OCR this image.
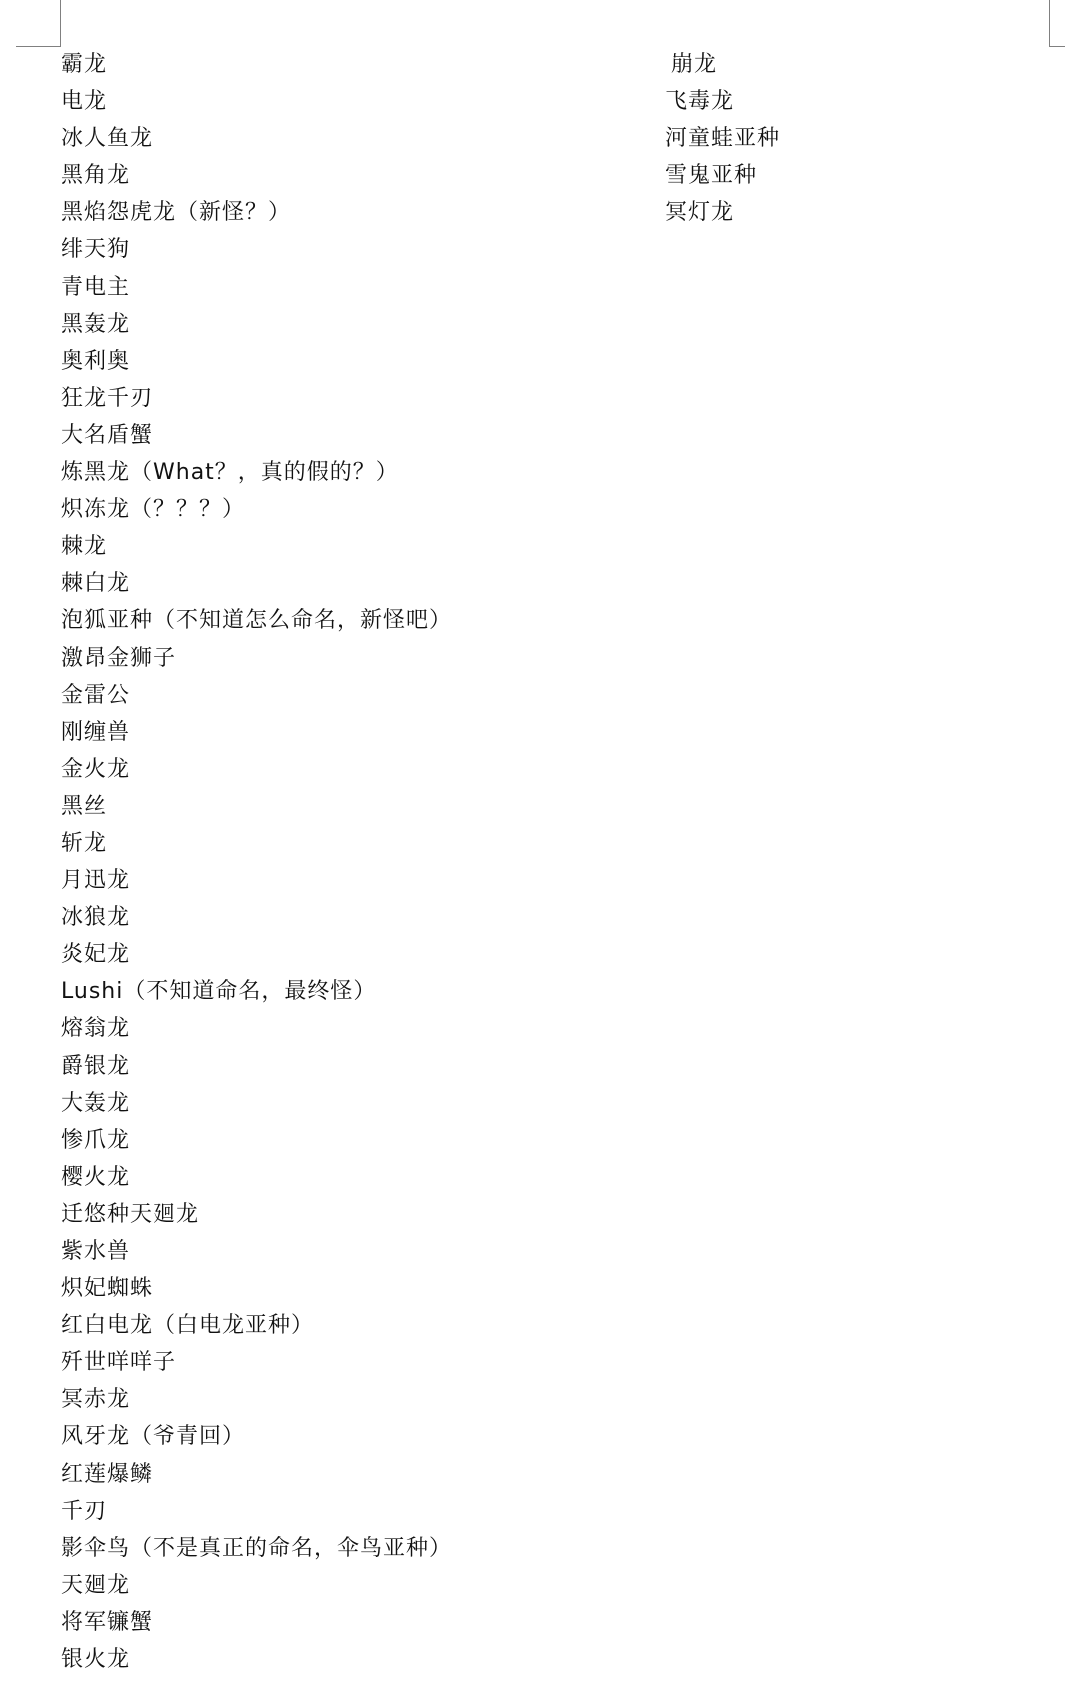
霸龙
电龙
冰人鱼龙
黑角龙
黑焰怨虎龙（新怪？）
绯天狗
青电主
黑轰龙
奥利奥
狂龙千刃
大名盾蟹
炼黑龙（What？，真的假的？）
炽冻龙（？？？）
棘龙
棘白龙
泡狐亚种（不知道怎么命名，新怪吧）
激昂金狮子
金雷公
刚缠兽
金火龙
黑丝
斩龙
月迅龙
冰狼龙
炎妃龙
Lushi（不知道命名，最终怪）
熔翁龙
爵银龙
大轰龙
惨爪龙
樱火龙
迁悠种天廻龙
紫水兽
炽妃蜘蛛
红白电龙（白电龙亚种）
歼世咩咩子
冥赤龙
风牙龙（爷青回）
红莲爆鳞
千刃
影伞鸟（不是真正的命名，伞鸟亚种）
天廻龙
将军镰蟹
银火龙
崩龙
飞毒龙
河童蛙亚种
雪鬼亚种
冥灯龙
